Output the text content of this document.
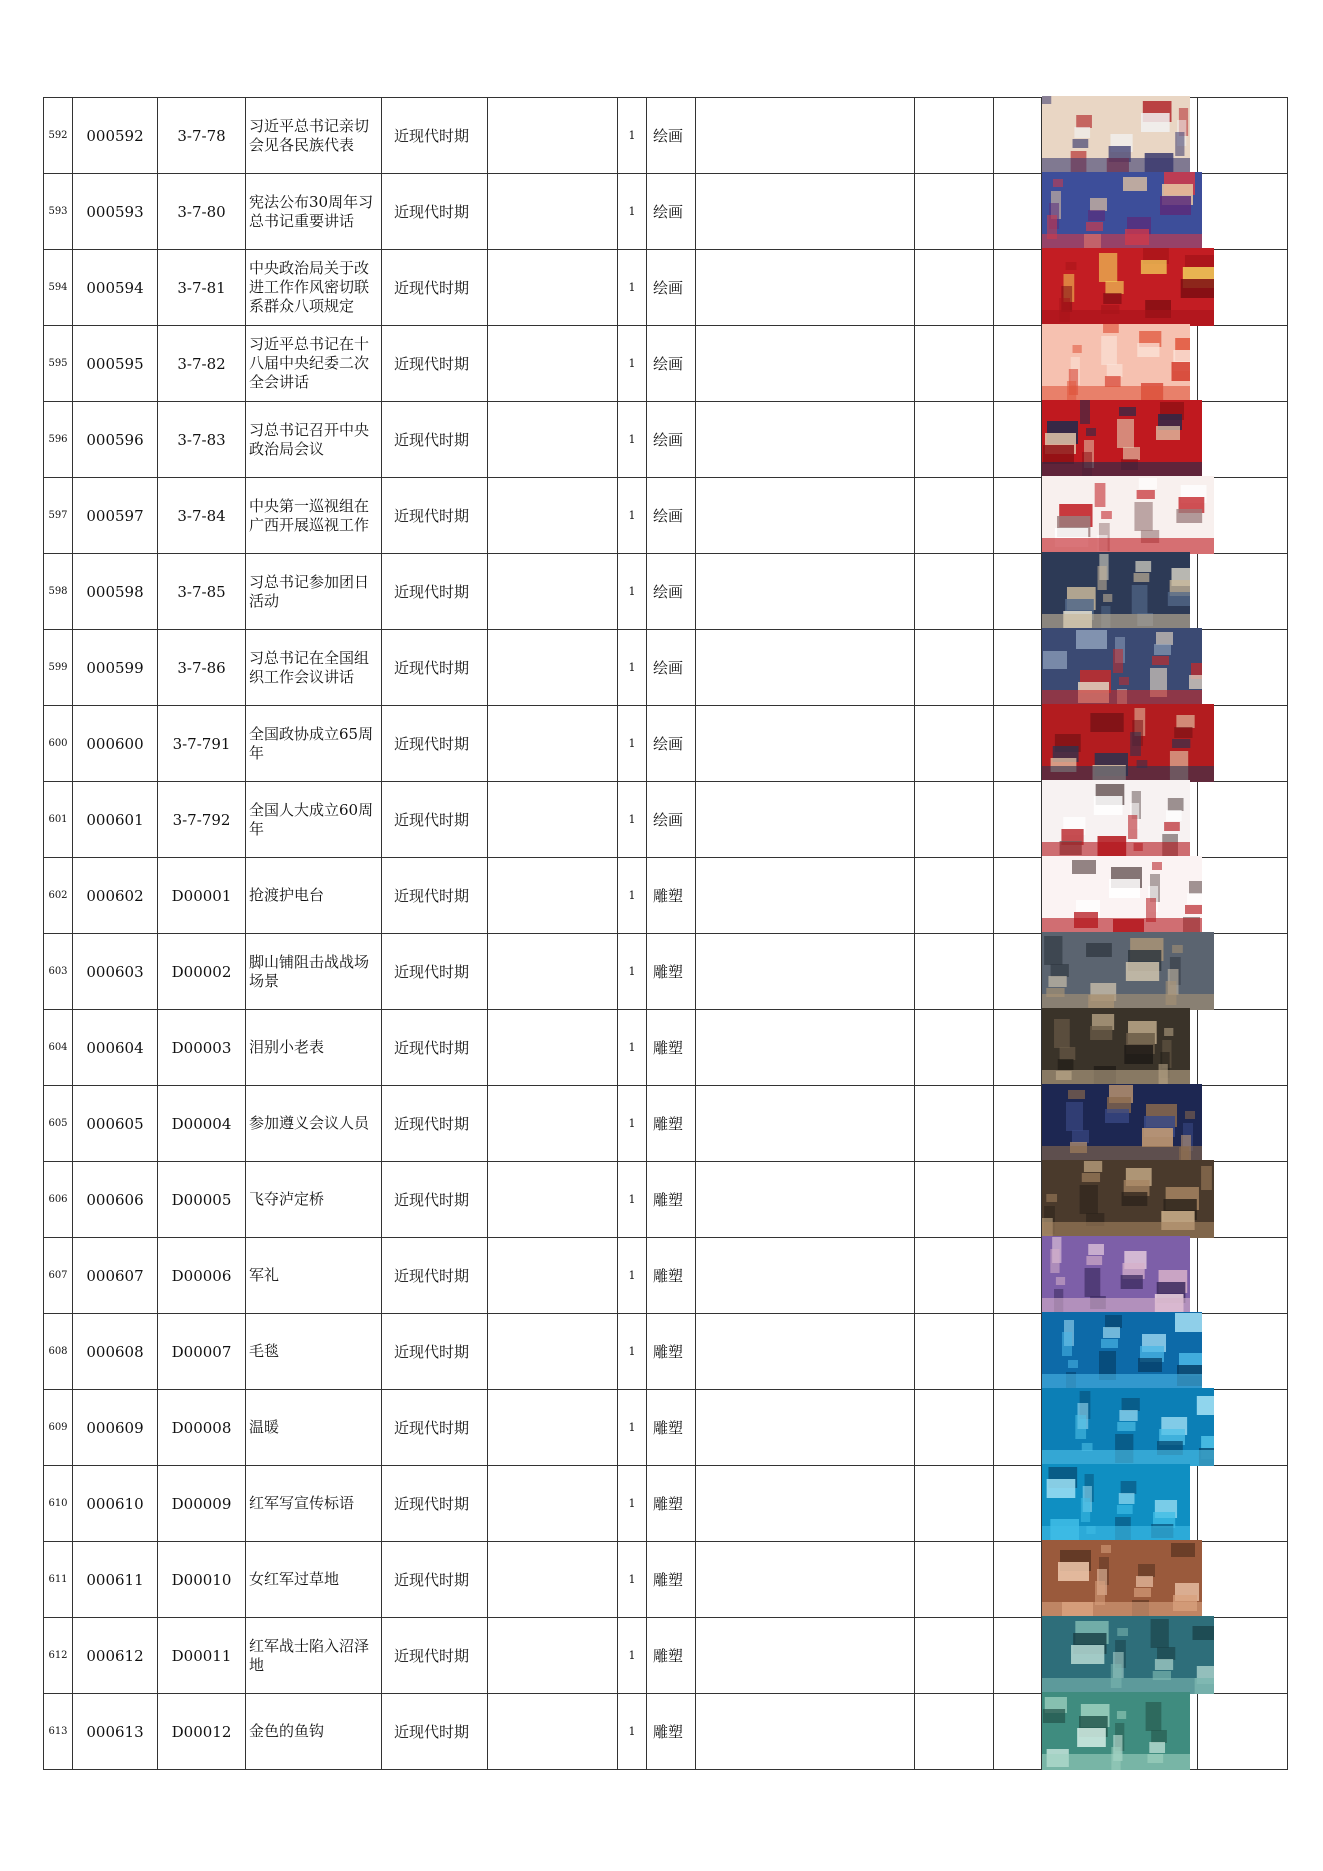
592	000592	3-7-78	习近平总书记亲切会见各民族代表	近现代时期		1	绘画				

593	000593	3-7-80	宪法公布30周年习总书记重要讲话	近现代时期		1	绘画				

594	000594	3-7-81	中央政治局关于改进工作作风密切联系群众八项规定	近现代时期		1	绘画				

595	000595	3-7-82	习近平总书记在十八届中央纪委二次全会讲话	近现代时期		1	绘画				

596	000596	3-7-83	习总书记召开中央政治局会议	近现代时期		1	绘画				

597	000597	3-7-84	中央第一巡视组在广西开展巡视工作	近现代时期		1	绘画				

598	000598	3-7-85	习总书记参加团日活动	近现代时期		1	绘画				

599	000599	3-7-86	习总书记在全国组织工作会议讲话	近现代时期		1	绘画				

600	000600	3-7-791	全国政协成立65周年	近现代时期		1	绘画				

601	000601	3-7-792	全国人大成立60周年	近现代时期		1	绘画				

602	000602	D00001	抢渡护电台	近现代时期		1	雕塑				

603	000603	D00002	脚山铺阻击战战场场景	近现代时期		1	雕塑				

604	000604	D00003	泪别小老表	近现代时期		1	雕塑				

605	000605	D00004	参加遵义会议人员	近现代时期		1	雕塑				

606	000606	D00005	飞夺泸定桥	近现代时期		1	雕塑				

607	000607	D00006	军礼	近现代时期		1	雕塑				

608	000608	D00007	毛毯	近现代时期		1	雕塑				

609	000609	D00008	温暖	近现代时期		1	雕塑				

610	000610	D00009	红军写宣传标语	近现代时期		1	雕塑				

611	000611	D00010	女红军过草地	近现代时期		1	雕塑				

612	000612	D00011	红军战士陷入沼泽地	近现代时期		1	雕塑				

613	000613	D00012	金色的鱼钩	近现代时期		1	雕塑				
